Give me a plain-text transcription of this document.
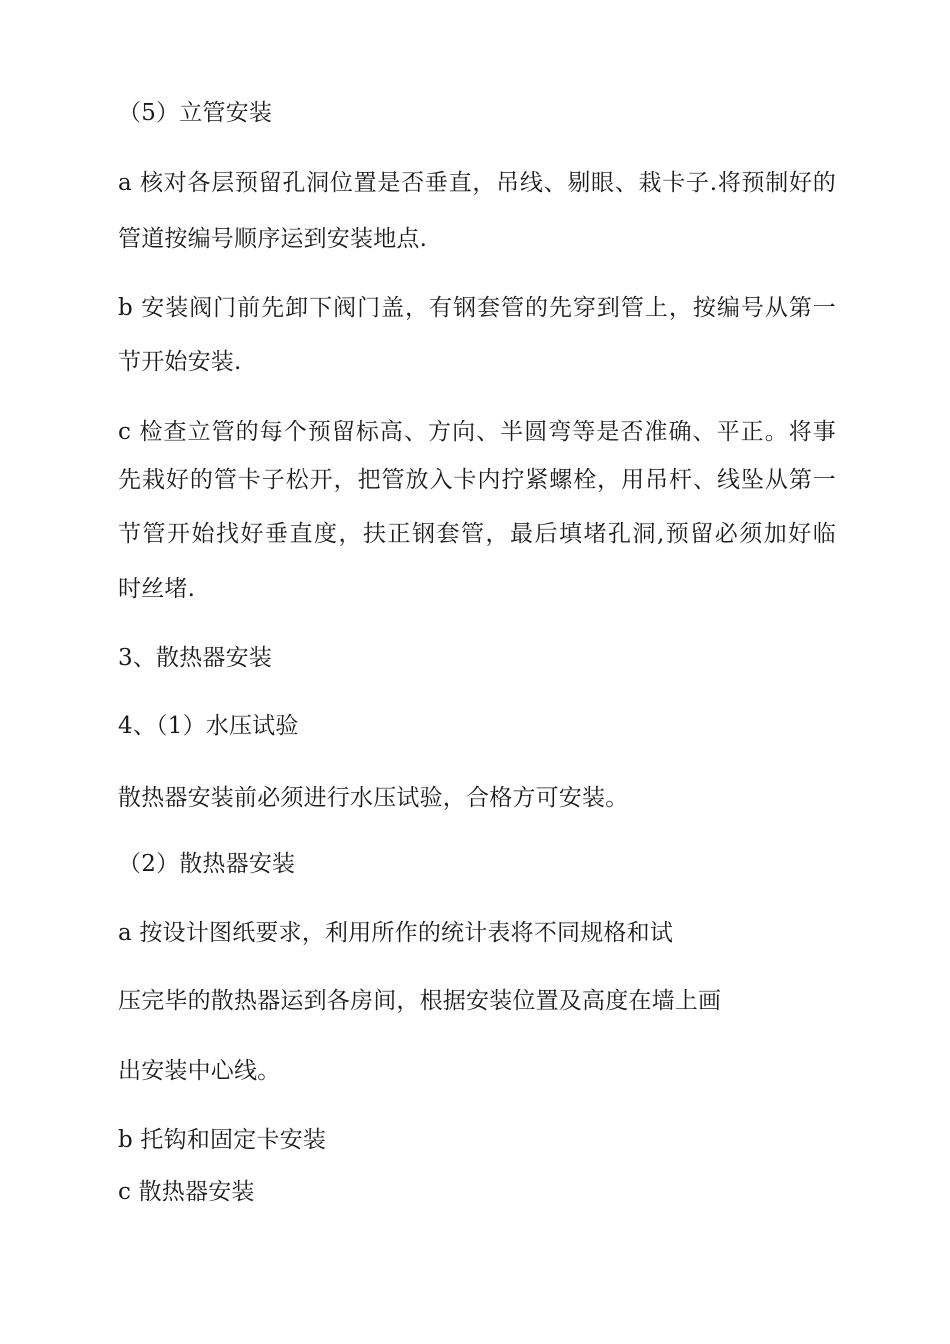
（5）立管安装

a 核对各层预留孔洞位置是否垂直，吊线、剔眼、栽卡子.将预制好的

管道按编号顺序运到安装地点.

b 安装阀门前先卸下阀门盖，有钢套管的先穿到管上，按编号从第一

节开始安装.

c 检查立管的每个预留标高、方向、半圆弯等是否准确、平正。将事

先栽好的管卡子松开，把管放入卡内拧紧螺栓，用吊杆、线坠从第一

节管开始找好垂直度，扶正钢套管，最后填堵孔洞,预留必须加好临

时丝堵.

3、散热器安装

4、（1）水压试验

散热器安装前必须进行水压试验，合格方可安装。

（2）散热器安装

a 按设计图纸要求，利用所作的统计表将不同规格和试

压完毕的散热器运到各房间，根据安装位置及高度在墙上画

出安装中心线。

b 托钩和固定卡安装

c 散热器安装
